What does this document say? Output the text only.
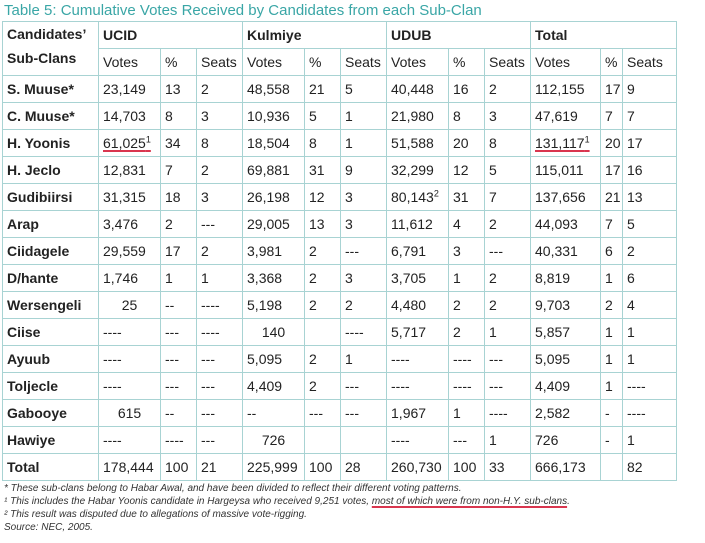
Table 5: Cumulative Votes Received by Candidates from each Sub-Clan
Candidates’
Sub-Clans	UCID			Kulmiye			UDUB			Total		
	Votes	%	Seats	Votes	%	Seats	Votes	%	Seats	Votes	%	Seats
S. Muuse*	23,149	13	2	48,558	21	5	40,448	16	2	112,155	17	9
C. Muuse*	14,703	8	3	10,936	5	1	21,980	8	3	47,619	7	7
H. Yoonis	61,025$^1$	34	8	18,504	8	1	51,588	20	8	131,117$^1$	20	17
H. Jeclo	12,831	7	2	69,881	31	9	32,299	12	5	115,011	17	16
Gudibiirsi	31,315	18	3	26,198	12	3	80,143$^2$	31	7	137,656	21	13
Arap	3,476	2	---	29,005	13	3	11,612	4	2	44,093	7	5
Ciidagele	29,559	17	2	3,981	2	---	6,791	3	---	40,331	6	2
D/hante	1,746	1	1	3,368	2	3	3,705	1	2	8,819	1	6
Wersengeli	25	--	----	5,198	2	2	4,480	2	2	9,703	2	4
Ciise	----	---	----	140		----	5,717	2	1	5,857	1	1
Ayuub	----	---	---	5,095	2	1	----	----	---	5,095	1	1
Toljecle	----	---	---	4,409	2	---	----	----	---	4,409	1	----
Gabooye	615	--	---	--	---	---	1,967	1	----	2,582	-	----
Hawiye	----	----	---	726			----	---	1	726	-	1
Total	178,444	100	21	225,999	100	28	260,730	100	33	666,173		82
* These sub-clans belong to Habar Awal, and have been divided to reflect their different voting patterns.
¹ This includes the Habar Yoonis candidate in Hargeysa who received 9,251 votes, most of which were from non-H.Y. sub-clans.
² This result was disputed due to allegations of massive vote-rigging.
Source: NEC, 2005.
